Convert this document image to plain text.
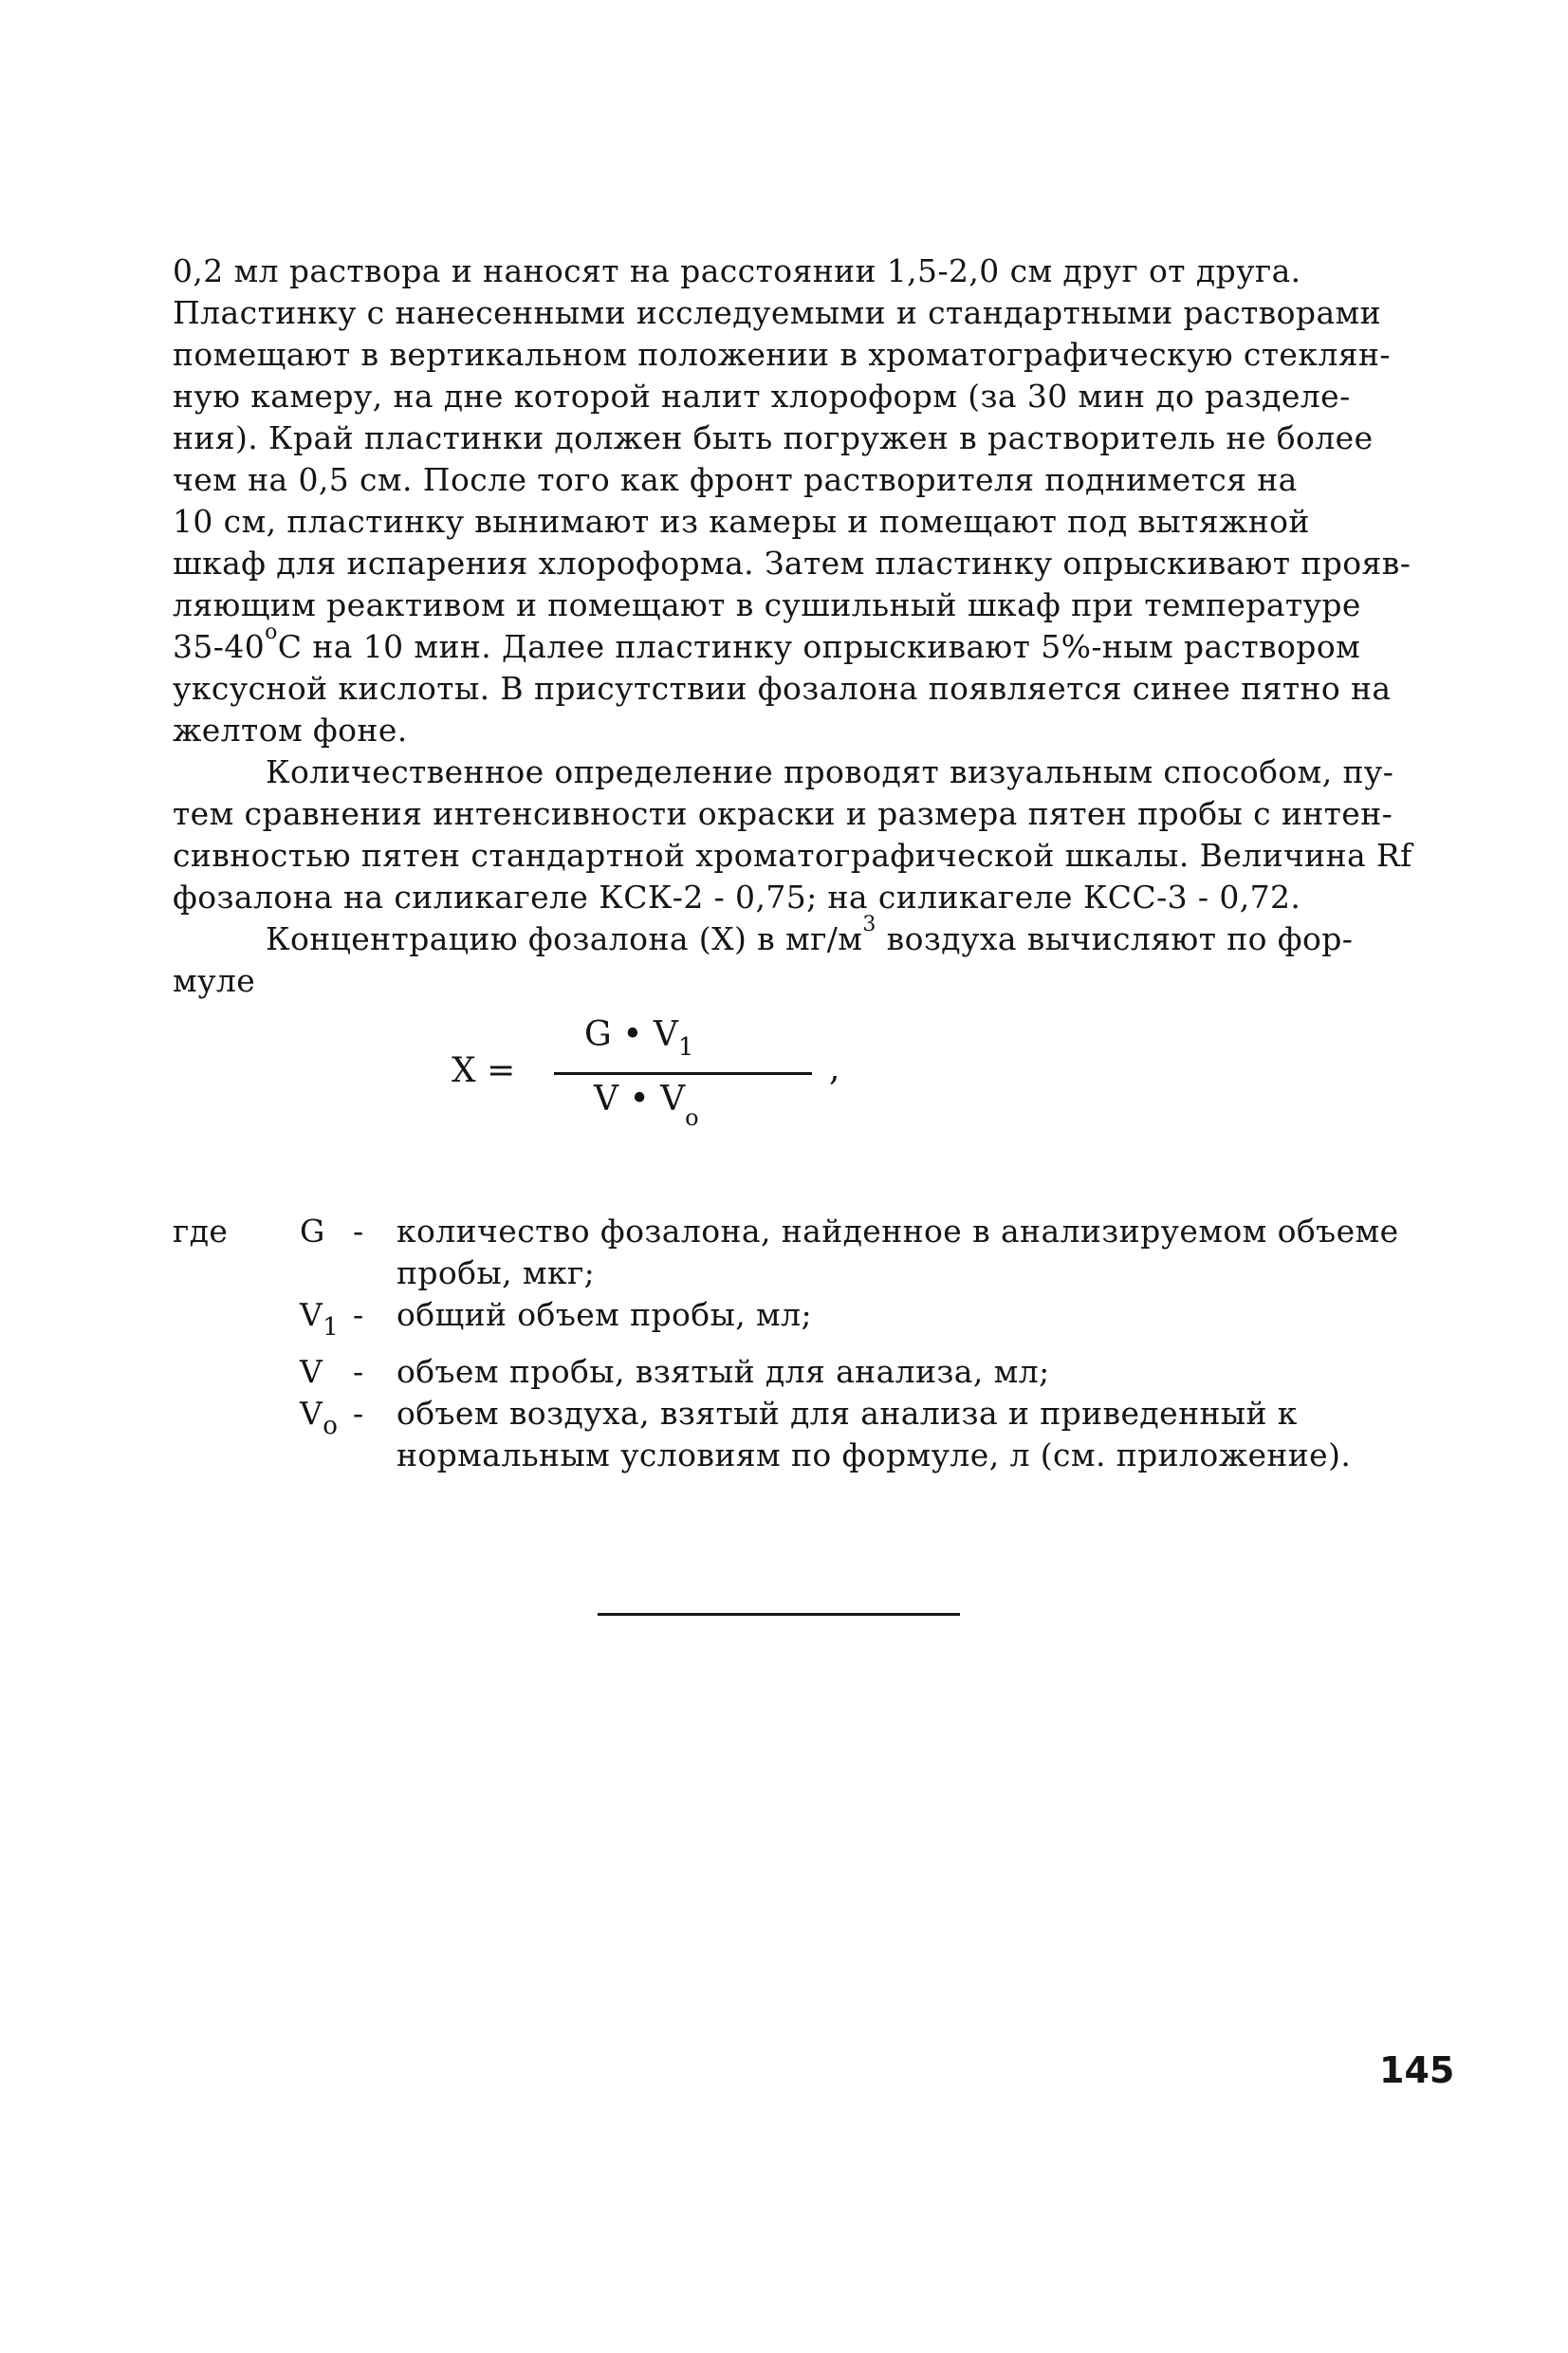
0,2 мл раствора и наносят на расстоянии 1,5-2,0 см друг от друга.
Пластинку с нанесенными исследуемыми и стандартными растворами
помещают в вертикальном положении в хроматографическую стеклян-
ную камеру, на дне которой налит хлороформ (за 30 мин до разделе-
ния). Край пластинки должен быть погружен в растворитель не более
чем на 0,5 см. После того как фронт растворителя поднимется на
10 см, пластинку вынимают из камеры и помещают под вытяжной
шкаф для испарения хлороформа. Затем пластинку опрыскивают прояв-
ляющим реактивом и помещают в сушильный шкаф при температуре
35-40$^o$С на 10 мин. Далее пластинку опрыскивают 5%-ным раствором
уксусной кислоты. В присутствии фозалона появляется синее пятно на
желтом фоне.
Количественное определение проводят визуальным способом, пу-
тем сравнения интенсивности окраски и размера пятен пробы с интен-
сивностью пятен стандартной хроматографической шкалы. Величина Rf
фозалона на силикагеле КСК-2 - 0,75; на силикагеле КСС-3 - 0,72.
Концентрацию фозалона (Х) в $мг/м^3$ воздуха вычисляют по фор-
муле
X =
G • $V_1$
V • $V_o$
,
где G - количество фозалона, найденное в анализируемом объеме
пробы, мкг;
$V_1$ - общий объем пробы, мл;
V - объем пробы, взятый для анализа, мл;
$V_o$ - объем воздуха, взятый для анализа и приведенный к
нормальным условиям по формуле, л (см. приложение).
145
